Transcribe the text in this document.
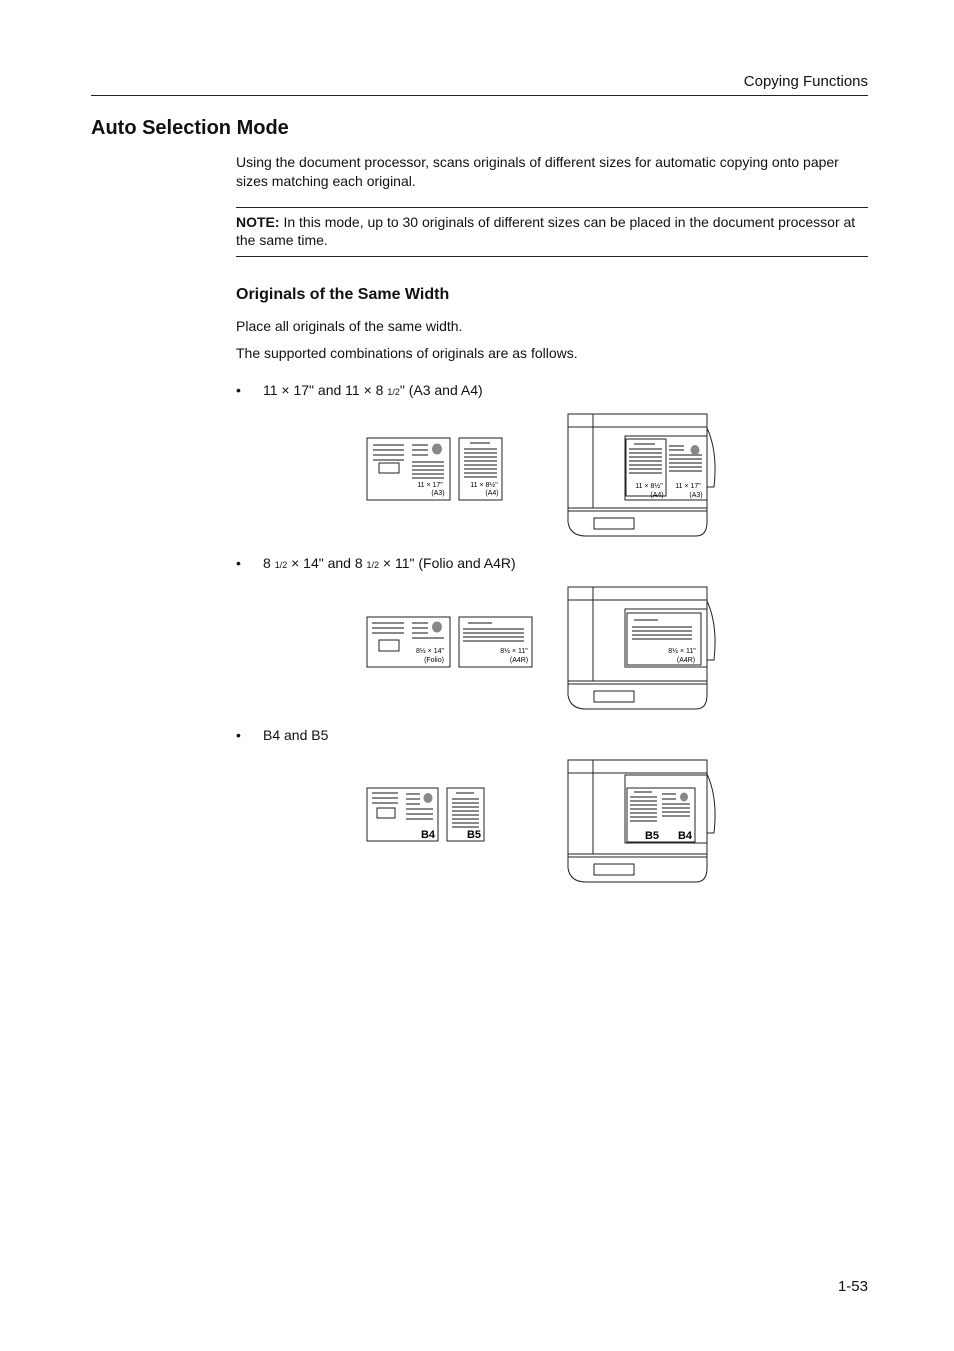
Copying Functions
Auto Selection Mode

Using the document processor, scans originals of different sizes for automatic copying onto paper sizes matching each original.

NOTE: In this mode, up to 30 originals of different sizes can be placed in the document processor at the same time.
Originals of the Same Width

Place all originals of the same width.

The supported combinations of originals are as follows.

• 11 × 17" and 11 × 8 1/2" (A3 and A4)
11 × 17"
(A3)
11 × 8½"
(A4)
11 × 8½"
(A4)
11 × 17"
(A3)
• 8 1/2 × 14" and 8 1/2 × 11" (Folio and A4R)
8½ × 14"
(Folio)
8½ × 11"
(A4R)
8½ × 11"
(A4R)
• B4 and B5
B4	B5	B5 B4
1-53
